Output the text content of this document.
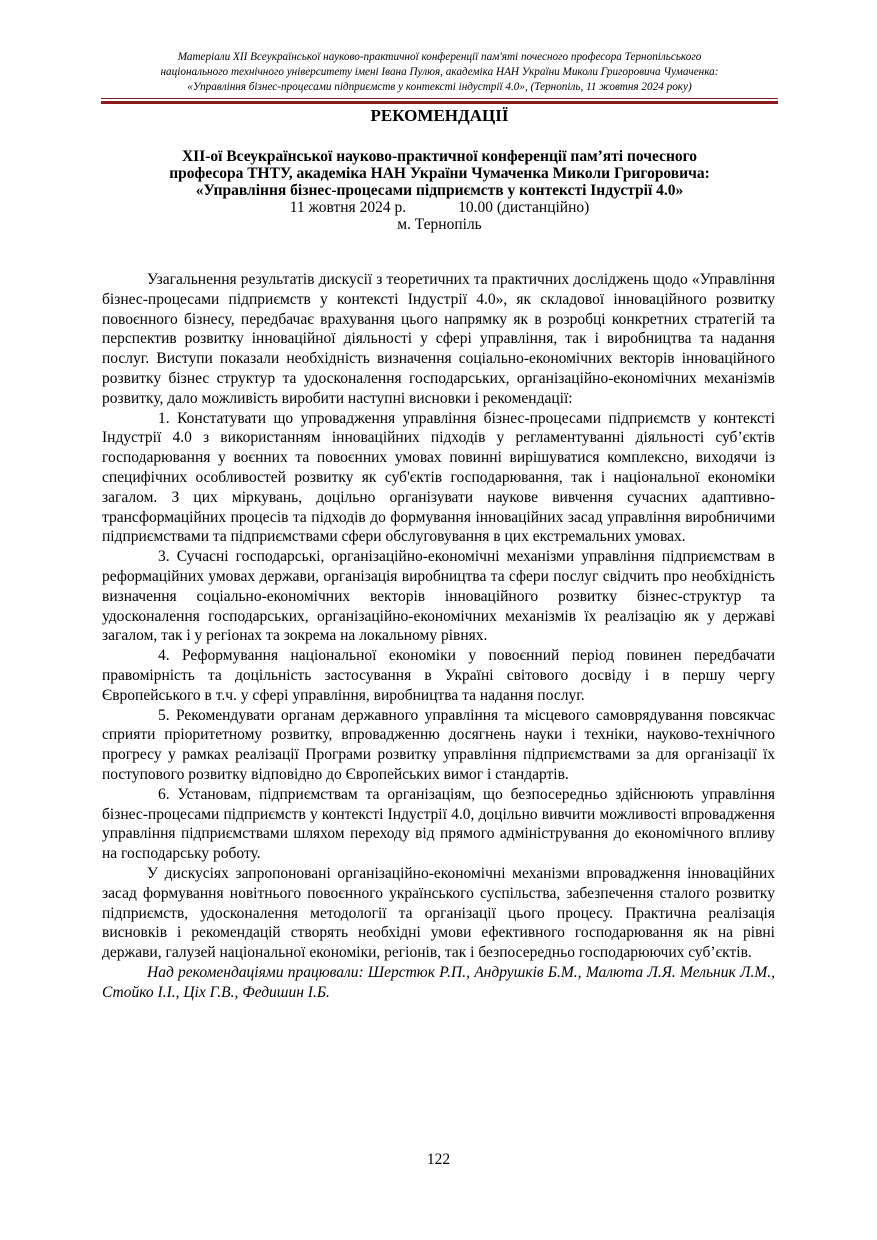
Матеріали XІІ Всеукраїнської науково-практичної конференції пам'яті почесного професора Тернопільського
національного технічного університету імені Івана Пулюя, академіка НАН України Миколи Григоровича Чумаченка:
«Управління бізнес-процесами підприємств у контексті індустрії 4.0», (Тернопіль, 11 жовтня 2024 року)
РЕКОМЕНДАЦІЇ
ХІІ-ої Всеукраїнської науково-практичної конференції пам’яті почесного
професора ТНТУ, академіка НАН України Чумаченка Миколи Григоровича:
«Управління бізнес-процесами підприємств у контексті Індустрії 4.0»
11 жовтня 2024 р.	10.00 (дистанційно)
м. Тернопіль

Узагальнення результатів дискусії з теоретичних та практичних досліджень щодо «Управління бізнес-процесами підприємств у контексті Індустрії 4.0», як складової інноваційного розвитку повоєнного бізнесу, передбачає врахування цього напрямку як в розробці конкретних стратегій та перспектив розвитку інноваційної діяльності у сфері управління, так і виробництва та надання послуг. Виступи показали необхідність визначення соціально-економічних векторів інноваційного розвитку бізнес структур та удосконалення господарських, організаційно-економічних механізмів розвитку, дало можливість виробити наступні висновки і рекомендації:

1. Констатувати що упровадження управління бізнес-процесами підприємств у контексті Індустрії 4.0 з використанням інноваційних підходів у регламентуванні діяльності суб’єктів господарювання у воєнних та повоєнних умовах повинні вирішуватися комплексно, виходячи із специфічних особливостей розвитку як суб'єктів господарювання, так і національної економіки загалом. З цих міркувань, доцільно організувати наукове вивчення сучасних адаптивно-трансформаційних процесів та підходів до формування інноваційних засад управління виробничими підприємствами та підприємствами сфери обслуговування в цих екстремальних умовах.

3. Сучасні господарські, організаційно-економічні механізми управління підприємствам в реформаційних умовах держави, організація виробництва та сфери послуг свідчить про необхідність визначення соціально-економічних векторів інноваційного розвитку бізнес-структур та удосконалення господарських, організаційно-економічних механізмів їх реалізацію як у державі загалом, так і у регіонах та зокрема на локальному рівнях.

4. Реформування національної економіки у повоєнний період повинен передбачати правомірність та доцільність застосування в Україні світового досвіду і в першу чергу Європейського в т.ч. у сфері управління, виробництва та надання послуг.

5. Рекомендувати органам державного управління та місцевого самоврядування повсякчас сприяти пріоритетному розвитку, впровадженню досягнень науки і техніки, науково-технічного прогресу у рамках реалізації Програми розвитку управління підприємствами за для організації їх поступового розвитку відповідно до Європейських вимог і стандартів.

6. Установам, підприємствам та організаціям, що безпосередньо здійснюють управління бізнес-процесами підприємств у контексті Індустрії 4.0, доцільно вивчити можливості впровадження управління підприємствами шляхом переходу від прямого адміністрування до економічного впливу на господарську роботу.

У дискусіях запропоновані організаційно-економічні механізми впровадження інноваційних засад формування новітнього повоєнного українського суспільства, забезпечення сталого розвитку підприємств, удосконалення методології та організації цього процесу. Практична реалізація висновків і рекомендацій створять необхідні умови ефективного господарювання як на рівні держави, галузей національної економіки, регіонів, так і безпосередньо господарюючих суб’єктів.

Над рекомендаціями працювали: Шерстюк Р.П., Андрушків Б.М., Малюта Л.Я. Мельник Л.М., Стойко І.І., Ціх Г.В., Федишин І.Б.

122
